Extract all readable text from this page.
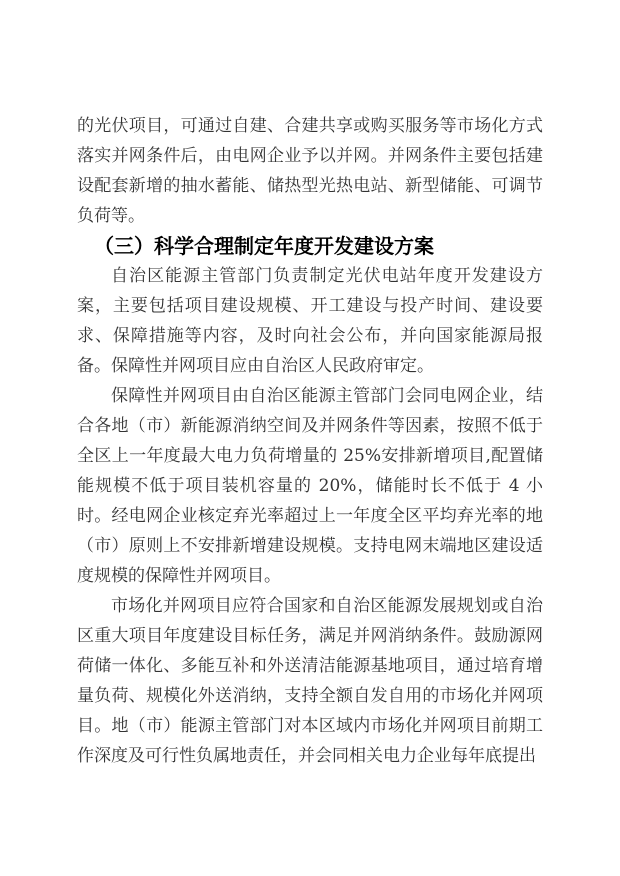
的光伏项目，可通过自建、合建共享或购买服务等市场化方式落实并网条件后，由电网企业予以并网。并网条件主要包括建设配套新增的抽水蓄能、储热型光热电站、新型储能、可调节负荷等。

（三）科学合理制定年度开发建设方案

自治区能源主管部门负责制定光伏电站年度开发建设方案，主要包括项目建设规模、开工建设与投产时间、建设要求、保障措施等内容，及时向社会公布，并向国家能源局报备。保障性并网项目应由自治区人民政府审定。

保障性并网项目由自治区能源主管部门会同电网企业，结合各地（市）新能源消纳空间及并网条件等因素，按照不低于全区上一年度最大电力负荷增量的 25%安排新增项目,配置储能规模不低于项目装机容量的 20%，储能时长不低于 4 小时。经电网企业核定弃光率超过上一年度全区平均弃光率的地（市）原则上不安排新增建设规模。支持电网末端地区建设适度规模的保障性并网项目。

市场化并网项目应符合国家和自治区能源发展规划或自治区重大项目年度建设目标任务，满足并网消纳条件。鼓励源网荷储一体化、多能互补和外送清洁能源基地项目，通过培育增量负荷、规模化外送消纳，支持全额自发自用的市场化并网项目。地（市）能源主管部门对本区域内市场化并网项目前期工作深度及可行性负属地责任，并会同相关电力企业每年底提出
